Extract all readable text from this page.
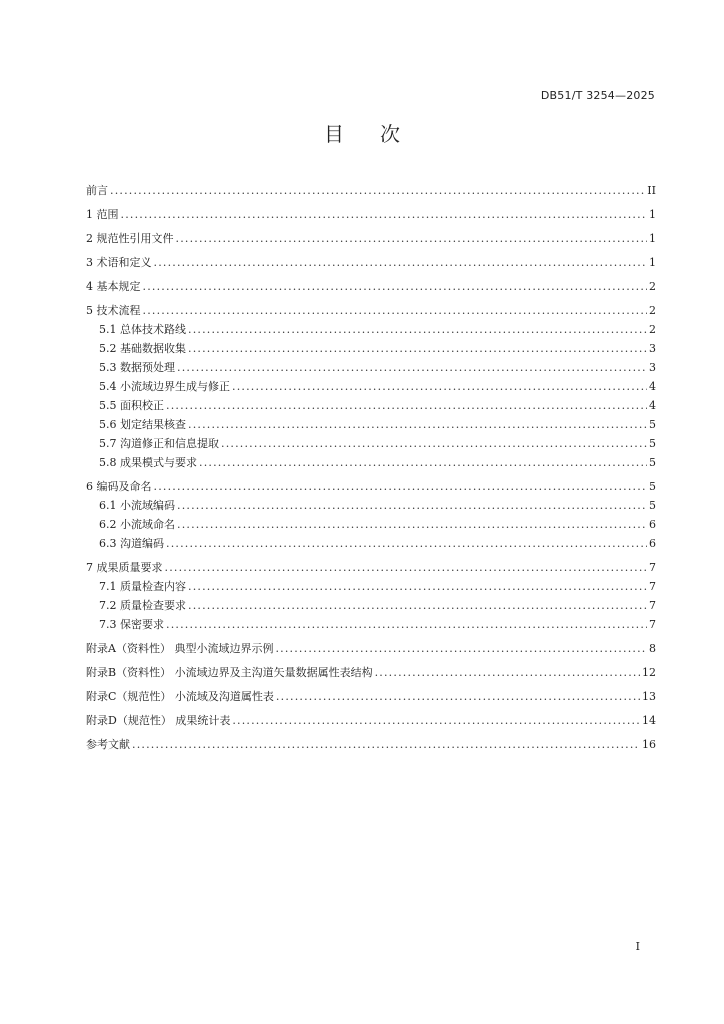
DB51/T 3254—2025
目 次
前言 .....	II
1 范围 .....	1
2 规范性引用文件 .....	1
3 术语和定义 .....	1
4 基本规定 .....	2
5 技术流程 .....	2
5.1 总体技术路线 .....	2
5.2 基础数据收集 .....	3
5.3 数据预处理 .....	3
5.4 小流域边界生成与修正 .....	4
5.5 面积校正 .....	4
5.6 划定结果核查 .....	5
5.7 沟道修正和信息提取 .....	5
5.8 成果模式与要求 .....	5
6 编码及命名 .....	5
6.1 小流域编码 .....	5
6.2 小流域命名 .....	6
6.3 沟道编码 .....	6
7 成果质量要求 .....	7
7.1 质量检查内容 .....	7
7.2 质量检查要求 .....	7
7.3 保密要求 .....	7
附录A（资料性） 典型小流域边界示例 .....	8
附录B（资料性） 小流域边界及主沟道矢量数据属性表结构 .....	12
附录C（规范性） 小流域及沟道属性表 .....	13
附录D（规范性） 成果统计表 .....	14
参考文献 .....	16
I
